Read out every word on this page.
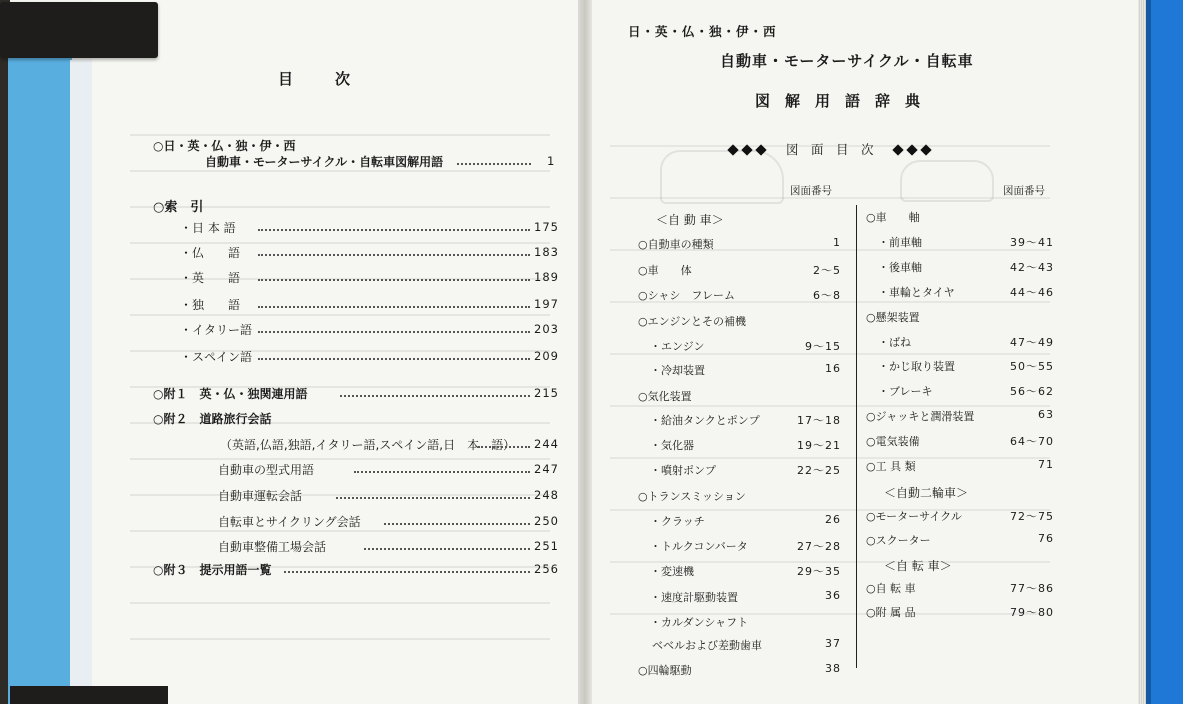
目　　次
○日・英・仏・独・伊・西
自動車・モーターサイクル・自転車図解用語	1
○索　引
・日 本 語	175
・仏　　語	183
・英　　語	189
・独　　語	197
・イタリー語	203
・スペイン語	209
○附１　英・仏・独関連用語	215
○附２　道路旅行会話
（英語,仏語,独語,イタリー語,スペイン語,日　本　語） 244
自動車の型式用語	247
自動車運転会話	248
自転車とサイクリング会話	250
自動車整備工場会話	251
○附３　提示用語一覧	256
日・英・仏・独・伊・西
自動車・モーターサイクル・自転車
図　解　用　語　辞　典
図　面　目　次
図面番号	図面番号
＜自 動 車＞
○自動車の種類	1
○車　　体	2〜5
○シャシ　フレーム	6〜8
○エンジンとその補機
・エンジン	9〜15
・冷却装置	16
○気化装置
・給油タンクとポンプ	17〜18
・気化器	19〜21
・噴射ポンプ	22〜25
○トランスミッション
・クラッチ	26
・トルクコンバータ	27〜28
・変速機	29〜35
・速度計駆動装置	36
・カルダンシャフト
ベベルおよび差動歯車	37
○四輪駆動	38
○車　　軸
・前車軸	39〜41
・後車軸	42〜43
・車輪とタイヤ	44〜46
○懸架装置
・ばね	47〜49
・かじ取り装置	50〜55
・ブレーキ	56〜62
○ジャッキと潤滑装置	63
○電気装備	64〜70
○工 具 類	71
＜自動二輪車＞
○モーターサイクル	72〜75
○スクーター	76
＜自 転 車＞
○自 転 車	77〜86
○附 属 品	79〜80
